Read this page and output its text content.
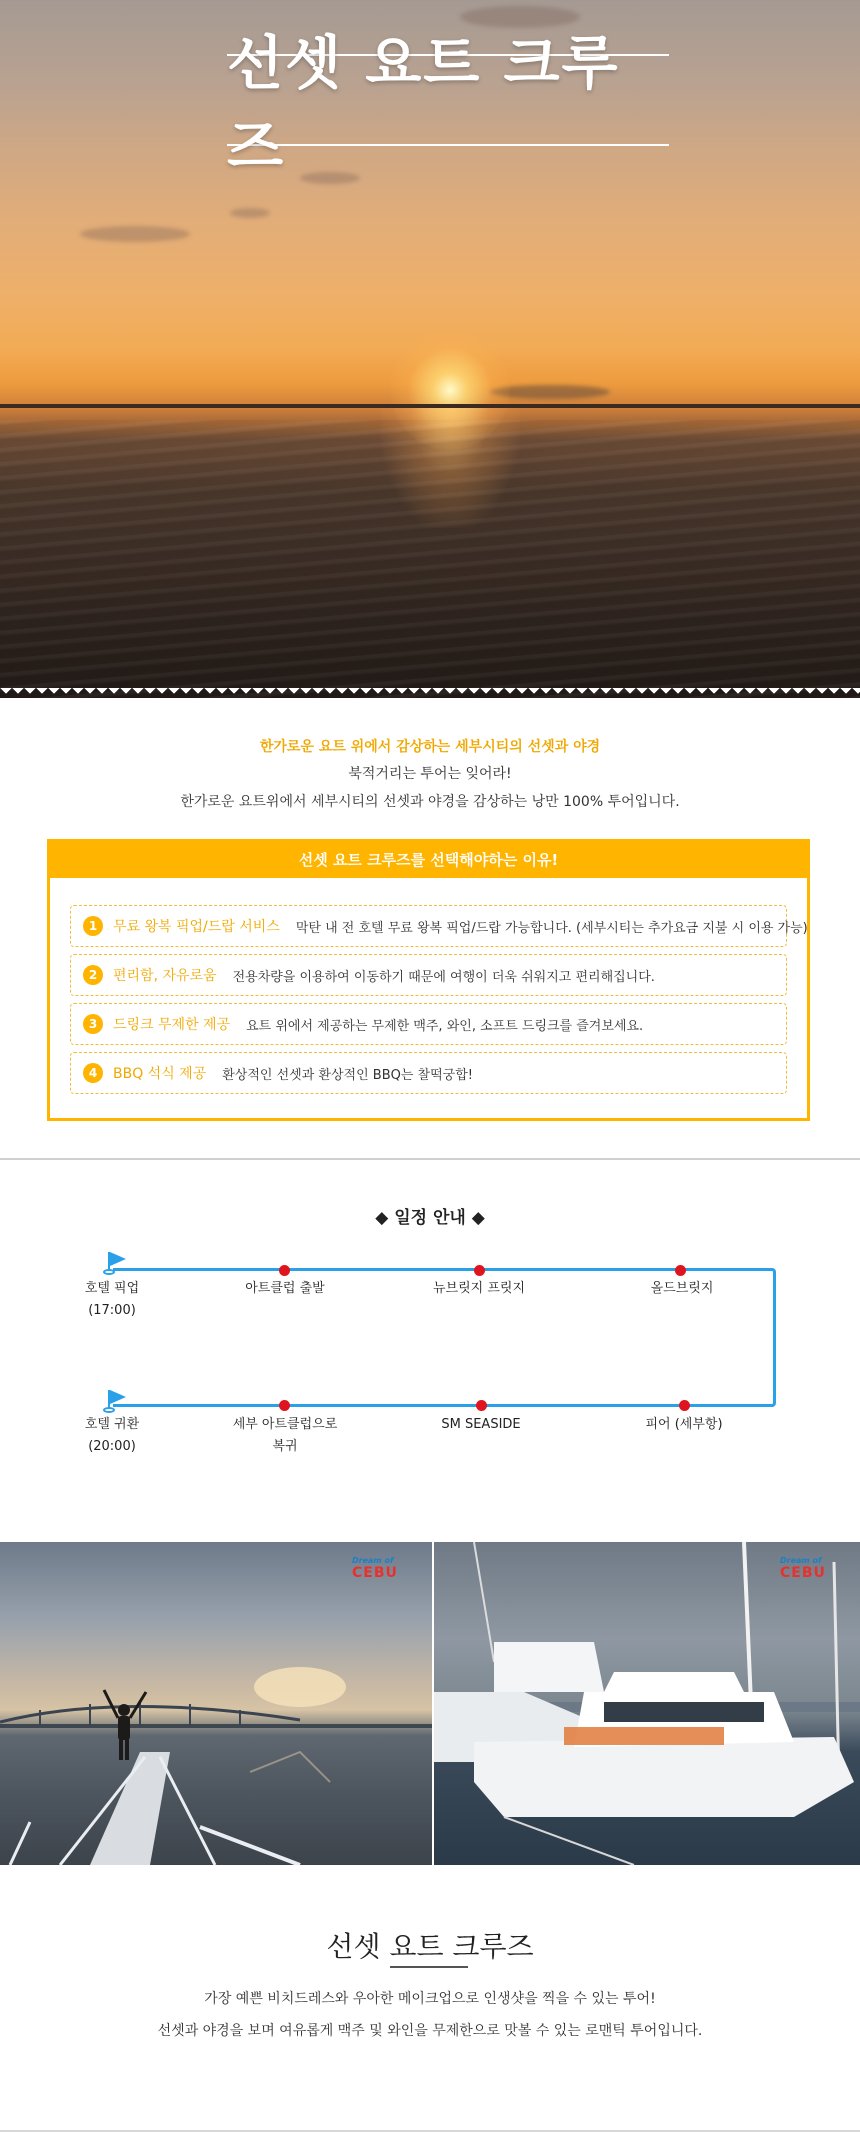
선셋 요트 크루즈
한가로운 요트 위에서 감상하는 세부시티의 선셋과 야경
북적거리는 투어는 잊어라!
한가로운 요트위에서 세부시티의 선셋과 야경을 감상하는 낭만 100% 투어입니다.
선셋 요트 크루즈를 선택해야하는 이유!
1	무료 왕복 픽업/드랍 서비스 막탄 내 전 호텔 무료 왕복 픽업/드랍 가능합니다. (세부시티는 추가요금 지불 시 이용 가능)
2	편리함, 자유로움 전용차량을 이용하여 이동하기 때문에 여행이 더욱 쉬워지고 편리해집니다.
3	드링크 무제한 제공 요트 위에서 제공하는 무제한 맥주, 와인, 소프트 드링크를 즐겨보세요.
4	BBQ 석식 제공 환상적인 선셋과 환상적인 BBQ는 찰떡궁합!
◆ 일정 안내 ◆
호텔 픽업
(17:00)
아트클럽 출발	뉴브릿지 프릿지	올드브릿지
호텔 귀환
(20:00)
세부 아트클럽으로
복귀
SM SEASIDE	피어 (세부항)
Dream of
CEBU
Dream of
CEBU
선셋 요트 크루즈
가장 예쁜 비치드레스와 우아한 메이크업으로 인생샷을 찍을 수 있는 투어!
선셋과 야경을 보며 여유롭게 맥주 및 와인을 무제한으로 맛볼 수 있는 로맨틱 투어입니다.
